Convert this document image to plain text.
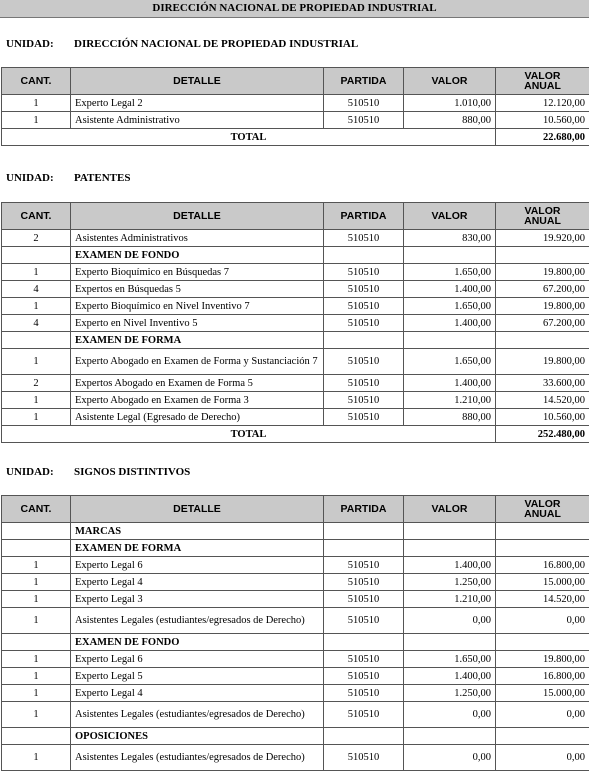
DIRECCIÓN NACIONAL DE PROPIEDAD INDUSTRIAL
UNIDAD: DIRECCIÓN NACIONAL DE PROPIEDAD INDUSTRIAL
CANT.	DETALLE	PARTIDA	VALOR	VALOR
ANUAL

1	Experto Legal 2	510510	1.010,00	12.120,00
1	Asistente Administrativo	510510	880,00	10.560,00
TOTAL				22.680,00
UNIDAD: PATENTES
CANT.	DETALLE	PARTIDA	VALOR	VALOR
ANUAL

2	Asistentes Administrativos	510510	830,00	19.920,00
	EXAMEN DE FONDO			
1	Experto Bioquímico en Búsquedas 7	510510	1.650,00	19.800,00
4	Expertos en Búsquedas 5	510510	1.400,00	67.200,00
1	Experto Bioquímico en Nivel Inventivo 7	510510	1.650,00	19.800,00
4	Experto en Nivel Inventivo 5	510510	1.400,00	67.200,00
	EXAMEN DE FORMA			
1	Experto Abogado en Examen de Forma y Sustanciación 7	510510	1.650,00	19.800,00
2	Expertos Abogado en Examen de Forma 5	510510	1.400,00	33.600,00
1	Experto Abogado en Examen de Forma 3	510510	1.210,00	14.520,00
1	Asistente Legal (Egresado de Derecho)	510510	880,00	10.560,00
TOTAL				252.480,00
UNIDAD: SIGNOS DISTINTIVOS
CANT.	DETALLE	PARTIDA	VALOR	VALOR
ANUAL

	MARCAS			
	EXAMEN DE FORMA			
1	Experto Legal 6	510510	1.400,00	16.800,00
1	Experto Legal 4	510510	1.250,00	15.000,00
1	Experto Legal 3	510510	1.210,00	14.520,00
1	Asistentes Legales (estudiantes/egresados de Derecho)	510510	0,00	0,00
	EXAMEN DE FONDO			
1	Experto Legal 6	510510	1.650,00	19.800,00
1	Experto Legal 5	510510	1.400,00	16.800,00
1	Experto Legal 4	510510	1.250,00	15.000,00
1	Asistentes Legales (estudiantes/egresados de Derecho)	510510	0,00	0,00
	OPOSICIONES			
1	Asistentes Legales (estudiantes/egresados de Derecho)	510510	0,00	0,00
